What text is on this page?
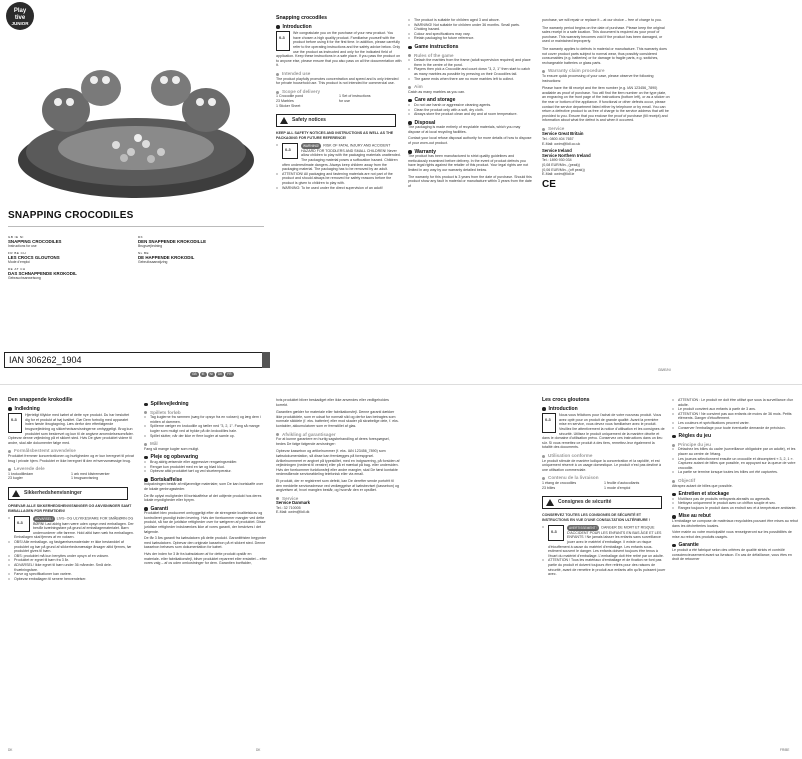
Play
tive
JUNIOR
SNAPPING CROCODILES
GB IE NI
SNAPPING CROCODILES
Instructions for use
FR BE CH
LES CROCS GLOUTONS
Mode d'emploi
DE AT CH
DAS SCHNAPPENDE KROKODIL
Gebrauchsanweisung
DK
DEN SNAPPENDE KROKODILLE
Brugsvejledning
NL BE
DE HAPPENDE KROKODIL
Gebruiksaanwijzing
IAN 306262_1904
GB IE NI DK FR
Snapping crocodiles
Introduction
0-3
We congratulate you on the purchase of your new product. You have chosen a high quality product. Familiarise yourself with the product before using it for the first time. In addition, please carefully refer to the operating instructions and the safety advice below. Only use the product as instructed and only for the indicated field of application. Keep these instructions in a safe place. If you pass the product on to anyone else, please ensure that you also pass on all the documentation with it.
Intended use
The product playfully promotes concentration and speed and is only intended for private household use. This product is not intended for commercial use.
Scope of delivery
1 Crocodile pond	1 Set of instructions
23 Marbles	for use
1 Sticker Sheet
Safety notices
KEEP ALL SAFETY NOTICES AND INSTRUCTIONS AS WELL AS THE PACKAGING FOR FUTURE REFERENCE!
0-3
□ WARNING! RISK OF FATAL INJURY AND ACCIDENT HAZARD FOR TODDLERS AND SMALL CHILDREN! Never allow children to play with the packaging materials unattended. The packaging material poses a suffocation hazard. Children often underestimate dangers. Always keep children away from the packaging material. The packaging has to be removed by an adult.
□ ATTENTION! All packaging and fastening materials are not part of the product and should always be removed for safety reasons before the product is given to children to play with.
□ WARNING: To be used under the direct supervision of an adult!
□ The product is suitable for children aged 3 and above.
□ WARNING! Not suitable for children under 36 months. Small parts. Choking hazard.
□ Colour and specifications may vary.
□ Retain packaging for future reference.
Game instructions
Rules of the game
□ Detach the marbles from the frame (adult supervision required) and place them in the centre of the pond.
□ Players then pick a Crocodile and count down "3, 2, 1" then start to catch as many marbles as possible by pressing on their Crocodiles tail.
□ The game ends when there are no more marbles left to collect.
Aim
Catch as many marbles as you can.
Care and storage
□ Do not use harsh or aggressive cleaning agents.
□ Clean the product only with a soft, dry cloth.
□ Always store the product clean and dry and at room temperature.
Disposal
The packaging is made entirely of recyclable materials, which you may dispose of at local recycling facilities.
Contact your local refuse disposal authority for more details of how to dispose of your worn-out product.
Warranty
The product has been manufactured to strict quality guidelines and meticulously examined before delivery. In the event of product defects you have legal rights against the retailer of this product. Your legal rights are not limited in any way by our warranty detailed below.
The warranty for this product is 3 years from the date of purchase. Should this product show any fault in material or manufacture within 3 years from the date of
purchase, we will repair or replace it – at our choice – free of charge to you.
The warranty period begins on the date of purchase. Please keep the original sales receipt in a safe location. This document is required as your proof of purchase. This warranty becomes void if the product has been damaged, or used or maintained improperly.
The warranty applies to defects in material or manufacture. This warranty does not cover product parts subject to normal wear, thus possibly considered consumables (e.g. batteries) or for damage to fragile parts, e.g. switches, rechargeable batteries or glass parts.
Warranty claim procedure
To ensure quick processing of your case, please observe the following instructions:
Please have the till receipt and the item number (e.g. IAN 123456_7890) available as proof of purchase. You will find the item number on the type plate, an engraving on the front page of the instructions (bottom left), or as a sticker on the rear or bottom of the appliance. If functional or other defects occur, please contact the service department listed either by telephone or by email. You can return a defective product to us free of charge to the service address that will be provided to you. Ensure that you enclose the proof of purchase (till receipt) and information about what the defect is and when it occurred.
Service
Service Great Britain
Tel.: 0800 404 7657
E-Mail: owim@lidl.co.uk
Service Ireland
Service Northern Ireland
Tel.: 1890 930 034
(0,08 EUR/Min., (peak))
(0,06 EUR/Min., (off peak))
E-Mail: owim@lidl.ie
CE
GB/IE/NI
Den snappende krokodille
Indledning
0-3
Hjerteligt tillykke med købet af dette nye produkt. Du har besluttet dig for et produkt af høj kvalitet. Gør Dem fortrolig med apparatet inden første ibrugtagning. Læs derfor den efterfølgende brugsvejledning og sikkerhedsanvisningerne omhyggeligt. Brug kun produktet som beskrevet og kun til de angivne anvendelsesområder. Opbevar denne vejledning på et sikkert sted. Hvis De giver produktet videre til andre, skal alle dokumenter følge med.
Formålsbestemt anvendelse
Produktet fremmer koncentrationen og hurtigheden og er kun beregnet til privat brug i private hjem. Produktet er ikke beregnet til den erhvervsmæssige brug.
Leverede dele
1 krokodilledam	1 ark med klistremærker
23 kugler	1 brugsanvisning
Sikkerhedshenvisninger
OPBEVAR ALLE SIKKERHEDSHENVISNINGER OG ANVISNINGER SAMT EMBALLAGEN FOR FREMTIDEN!
0-3
□ ADVARSEL! LIVS- OG ULYKKESFARE FOR SMÅBØRN OG BØRN! Lad aldrig børn være uden opsyn med emballagen. Der består kvælningsfare på grund af emballagematerialet. Børn undervurderer ofte farerne. Hold altid børn væk fra emballagen. Emballagen skal fjernes af en voksen.
□ OBS! Alle emballage- og fastgørelsesmaterialer er ikke bestanddel af produktet og bør på grund af sikkerhedsmæssige årsager altid fjernes, før produktet gives til børn.
□ OBS: produktet må kun benyttes under opsyn af en voksen.
□ Produktet er egnet til børn fra 3 år.
□ ADVARSEL! Ikke egnet til børn under 36 måneder. Små dele. Kvælningsfare.
□ Farve og specifikationer kan variere.
□ Opbevar emballagen til senere henvendelser.
DK
Spillevejledning
Spillets forløb
□ Tag kuglerne fra rammen (sørg for opsyn fra en voksen) og læg dem i midten af dammen.
□ Spillerne vælger en krokodille og tæller ned "3, 2, 1". Fang så mange kugler som muligt ved at trykke på din krokodilles hale.
□ Spillet slutter, når der ikke er flere kugler at samle op.
Mål
Fang så mange kugler som muligt.
Pleje og opbevaring
□ Brug aldrig ætsende eller aggressive rengøringsmidler.
□ Rengør kun produktet med en tør og blød klud.
□ Opbevar altid produktet tørt og ved stuetemperatur.
Bortskaffelse
Indpakningen består af miljøvenlige materialer, som De kan bortskaffe over de lokale genbrugssteder.
De får oplyst muligheder til bortskaffelse af det udtjente produkt hos deres lokale myndigheder eller byrym.
Garanti
Produktet blev produceret omhyggeligt efter de strengeste kvalitetskrav og kontrolleret grundigt inden levering. Hvis der forekommer mangler ved dette produkt, så har de juridiske rettigheder over for sælgeren af produktet. Disse juridiske rettigheder indskrænkes ikke af vores garanti, der beskrives i det følgende.
De får 3 års garanti fra købsdatoen på dette produkt. Garantifristen begynder med købsdatoen. Opbevar den originale kassebon på et sikkert sted. Denne kassebon behaves som dokumentation for købet.
Hvis der inden for 3 år fra købsdatoen af for dette produkt opstår en materiale- eller fabrikationsfejl, bliver produktet repareret eller erstattet – efter vores valg – af os uden omkostninger for dem. Garantien bortfalder,
DK
hvis produktet bliver beskadiget eller ikke anvendes eller vedligeholdes korrekt.
Garantien gælder for materiale eller fabrikationsfejl. Denne garanti dækker ikke produktdele, som er udsat for normalt slid og derfor kan betragtes som normale sliddele (f. eks. batterier) eller mod skader på skrøbelige dele, f. eks. kontakter, akkumulatorer som er fremstillet af glas.
Afvikling af garantisager
For at kunne garantere en hurtig sagsbehandling af deres forespørgsel, bedes De følge følgende anvisninger:
Opbevar kassebon og artikelnummer (f. eks. IAN 123456_7890) som købsdokumentation, så disse kan fremlægges på forespgrsel. Artikelnummeret er angivet på typeskiltet, med en indgravering, på forsiden af vejledningen (nederst til venstre) eller på et mærkat på bag- eller undersiden. Hvis der forekommer funktionsfejl eller andre mangler, skal De først kontakte nedenstående serviceafdeling telefonisk eller via email.
Et produkt, der er registreret som defekt, kan De derefter sende portofrit til den meddelte serviceadresse ved vedlæggelse af købsbeviset (kassebon) og angivelsen af, hvori manglen består, og hvornår den er opstået.
Service
Service Danmark
Tel.: 32 710005
E-Mail: owim@lidl.dk
Les crocs gloutons
Introduction
0-3
Nous vous félicitons pour l'achat de votre nouveau produit. Vous avez opté pour un produit de grande qualité. Avant la première mise en service, vous devez vous familiariser avec le produit. Veuillez lire attentivement la notice d'utilisation et les consignes de sécurité. Utilisez le produit uniquement de la manière décrite et dans le domaine d'utilisation prévu. Conservez ces instructions dans un lieu sûr. Si vous remettez ce produit à des tiers, remettez-leur également la totalité des documents.
Utilisation conforme
Le produit stimule de manière ludique la concentration et la rapidité, et est uniquement réservé à un usage domestique. Le produit n'est pas destiné à une utilisation commerciale.
Contenu de la livraison
1 étang de crocodiles	1 feuille d'autocollants
23 billes	1 mode d'emploi
Consignes de sécurité
CONSERVEZ TOUTES LES CONSIGNES DE SÉCURITÉ ET INSTRUCTIONS EN VUE D'UNE CONSULTATION ULTÉRIEURE !
0-3
□ AVERTISSEMENT ! DANGER DE MORT ET RISQUE D'ACCIDENT POUR LES ENFANTS EN BAS ÂGE ET LES ENFANTS ! Ne jamais laisser les enfants sans surveillance jouer avec le matériel d'emballage. Il existe un risque d'étouffement à cause du matériel d'emballage. Les enfants sous-estiment souvent le danger. Les enfants doivent toujours être tenus à l'écart du matériel d'emballage. L'emballage doit être retiré par un adulte.
□ ATTENTION ! Tous les matériaux d'emballage et de fixation ne font pas partie du produit et doivent toujours être retirés pour des raisons de sécurité, avant de remettre le produit aux enfants afin qu'ils puissent jouer avec.
□ ATTENTION : Le produit ne doit être utilisé que sous la surveillance d'un adulte.
□ Le produit convient aux enfants à partir de 3 ans.
□ ATTENTION ! Ne convient pas aux enfants de moins de 36 mois. Petits éléments. Danger d'étouffement.
□ Les couleurs et spécifications peuvent varier.
□ Conserver l'emballage pour toute éventuelle demande de précision.
Règles du jeu
Principe du jeu
□ Détachez les billes du cadre (surveillance obligatoire par un adulte), et les placer au centre de l'étang.
□ Les joueurs sélectionnent ensuite un crocodile et décomptent « 3, 2, 1 ». Capturez autant de billes que possible, en appuyant sur la queue de votre crocodile.
□ La partie se termine lorsque toutes les billes ont été capturées.
Objectif
Attrapez autant de billes que possible.
Entretien et stockage
□ N'utilisez pas de produits nettoyants abrasifs ou agressifs.
□ Nettoyez uniquement le produit avec un chiffon souple et sec.
□ Rangez toujours le produit dans un endroit sec et à température ambiante.
Mise au rebut
L'emballage se compose de matériaux recyclables pouvant être mises au rebut dans les déchetteries locales.
Votre mairie ou votre municipalité vous renseigneront sur les possibilités de mise au rebut des produits usagés.
Garantie
Le produit a été fabriqué selon des critères de qualité stricts et contrôlé consciencieusement avant sa livraison. En cas de défaillance, vous êtes en droit de retourner
FR/BE
